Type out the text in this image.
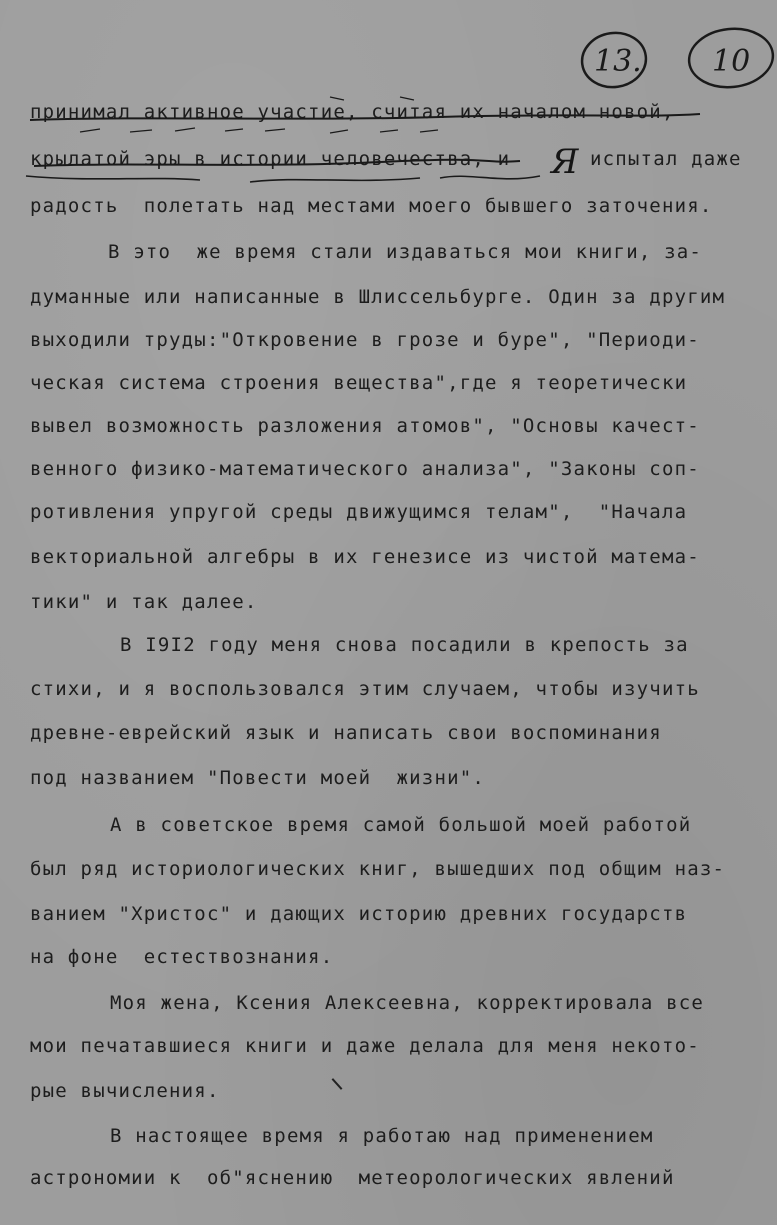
13. 10
принимал активное участие, считая их началом новой,
крылатой эры в истории человечества, и	испытал даже
радость  полетать над местами моего бывшего заточения.
В это  же время стали издаваться мои книги, за-
думанные или написанные в Шлиссельбурге. Один за другим
выходили труды:"Откровение в грозе и буре", "Периоди-
ческая система строения вещества",где я теоретически
вывел возможность разложения атомов", "Основы качест-
венного физико-математического анализа", "Законы соп-
ротивления упругой среды движущимся телам",  "Начала
векториальной алгебры в их генезисе из чистой матема-
тики" и так далее.
В I9I2 году меня снова посадили в крепость за
стихи, и я воспользовался этим случаем, чтобы изучить
древне-еврейский язык и написать свои воспоминания
под названием "Повести моей  жизни".
А в советское время самой большой моей работой
был ряд историологических книг, вышедших под общим наз-
ванием "Христос" и дающих историю древних государств
на фоне  естествознания.
Моя жена, Ксения Алексеевна, корректировала все
мои печатавшиеся книги и даже делала для меня некото-
рые вычисления.
В настоящее время я работаю над применением
астрономии к  об"яснению  метеорологических явлений
Я
